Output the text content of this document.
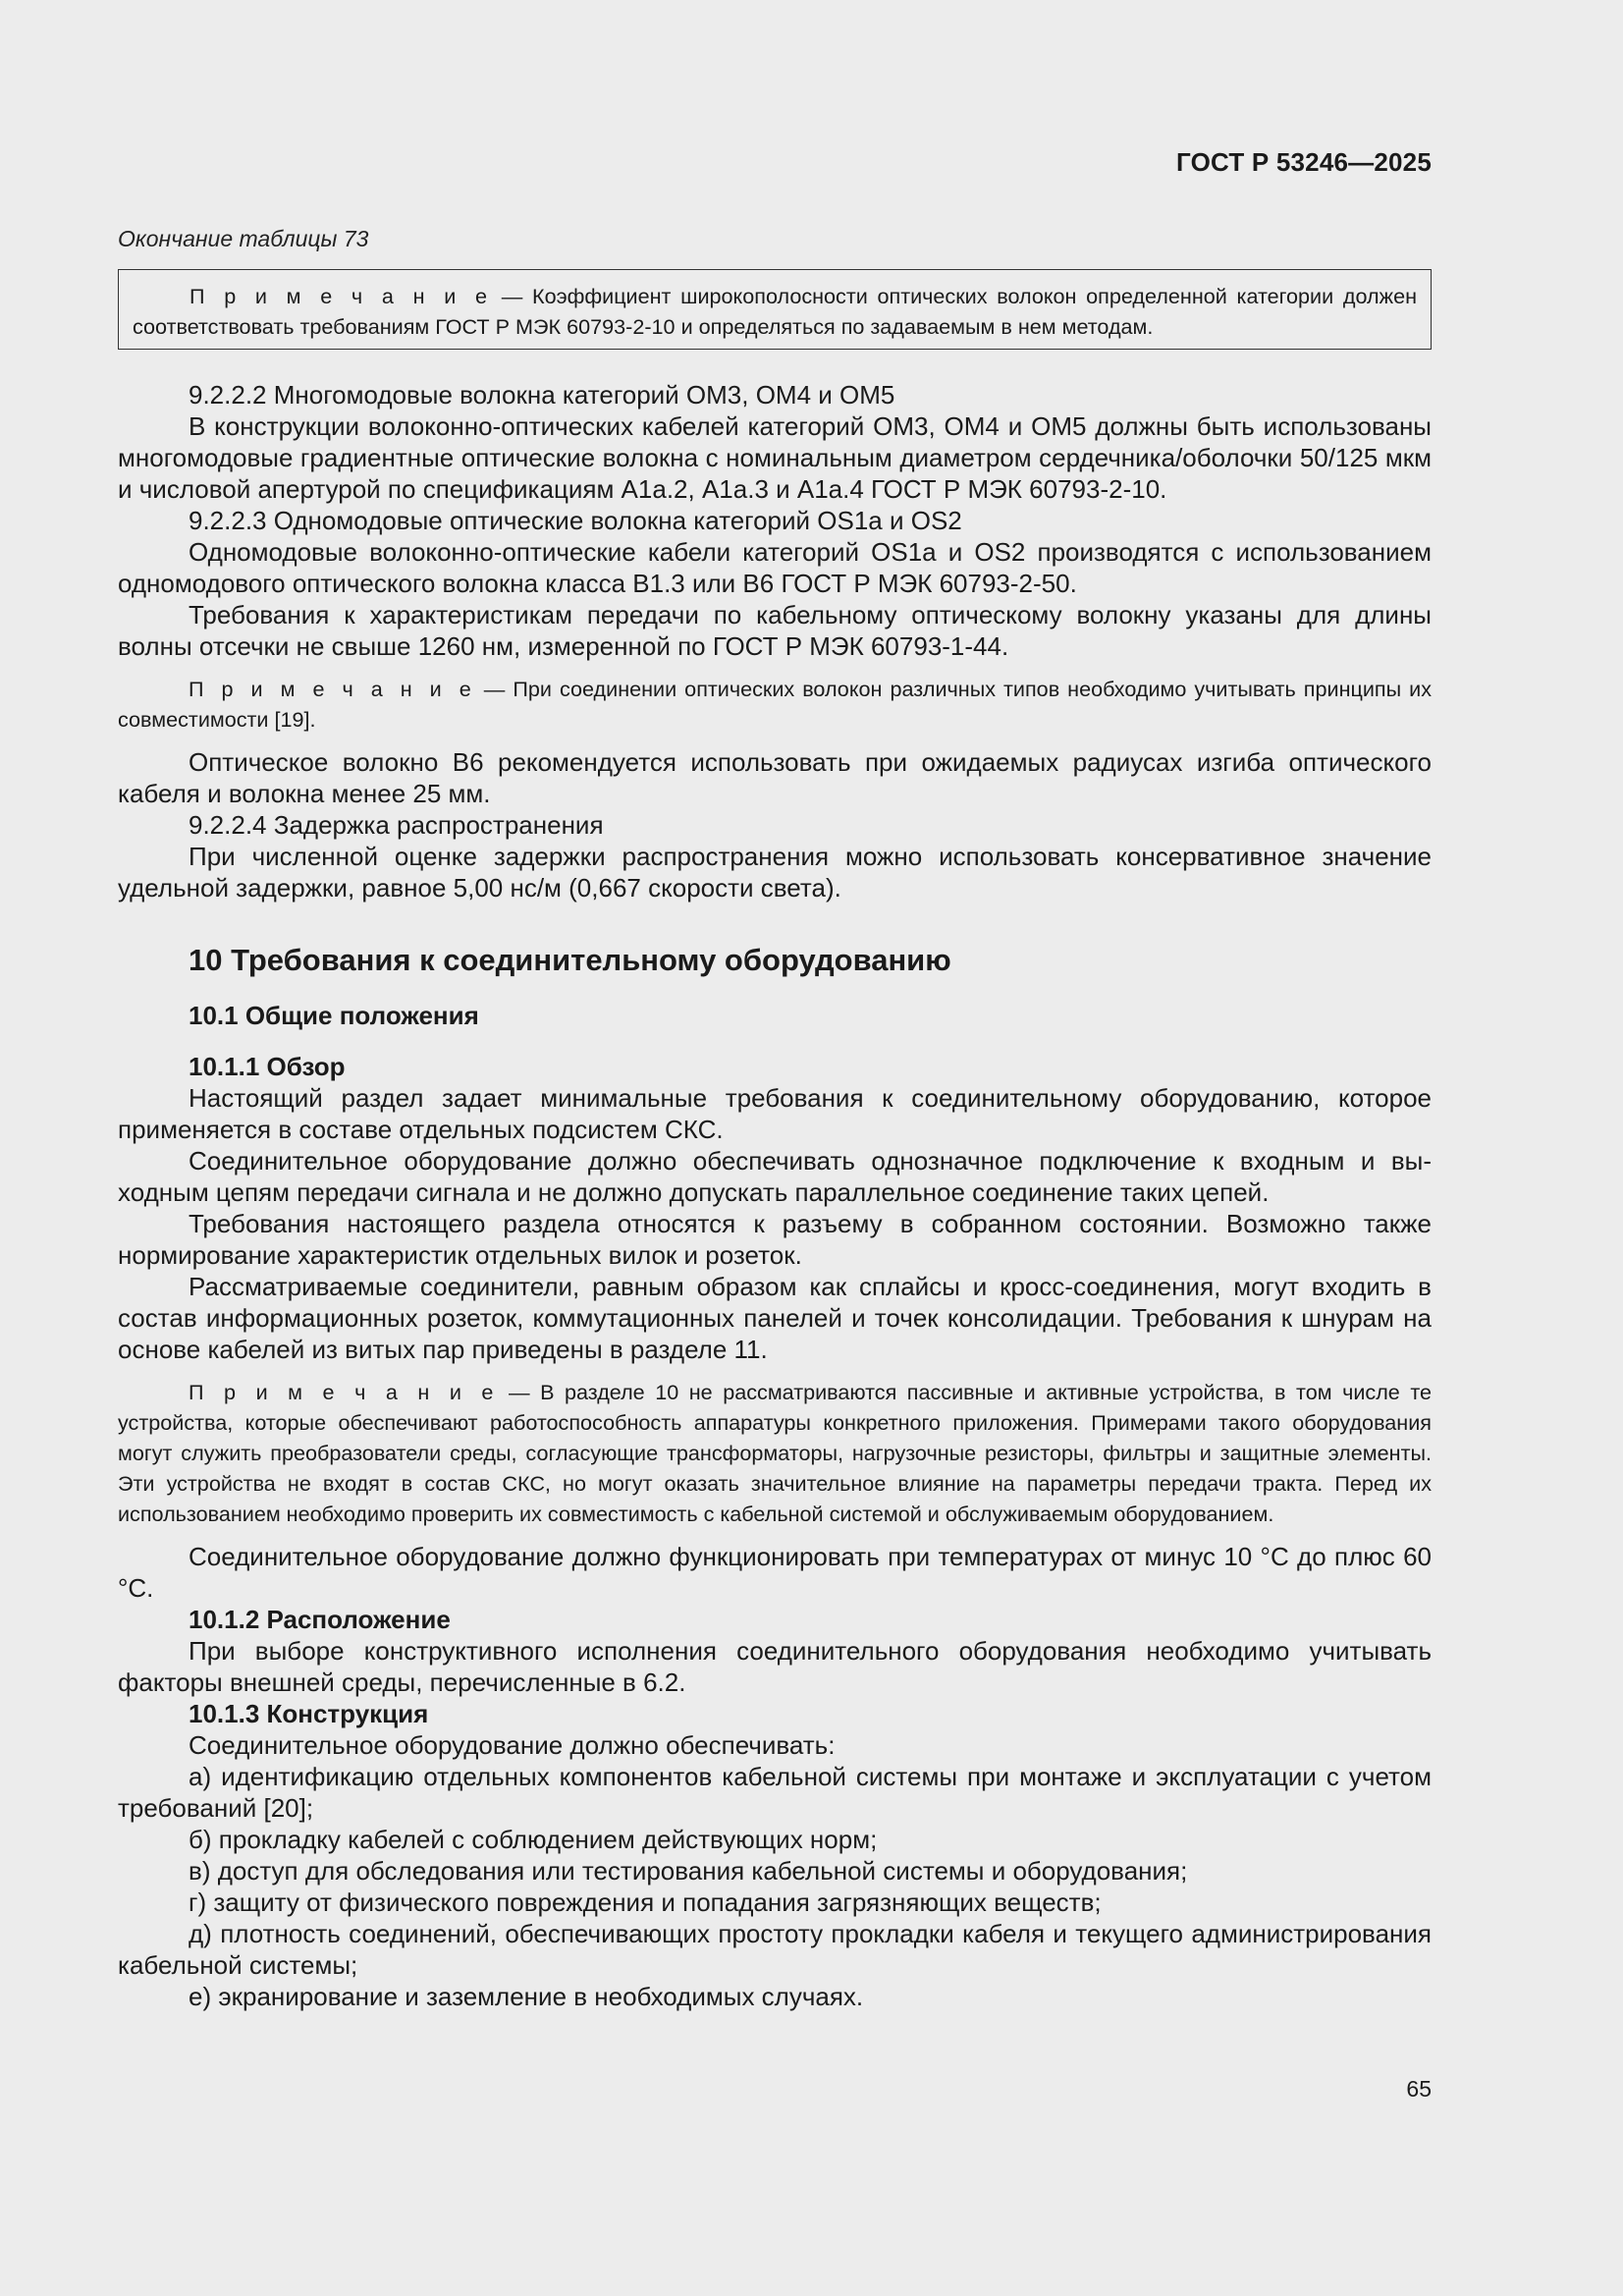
ГОСТ Р 53246—2025
Окончание таблицы 73
П р и м е ч а н и е — Коэффициент широкополосности оптических волокон определенной категории должен соответствовать требованиям ГОСТ Р МЭК 60793-2-10 и определяться по задаваемым в нем методам.

9.2.2.2 Многомодовые волокна категорий ОМ3, ОМ4 и ОМ5

В конструкции волоконно-оптических кабелей категорий ОМ3, ОМ4 и ОМ5 должны быть использованы многомодовые градиентные оптические волокна с номинальным диаметром сердечника/оболочки 50/125 мкм и числовой апертурой по спецификациям А1а.2, А1а.3 и А1а.4 ГОСТ Р МЭК 60793-2-10.

9.2.2.3 Одномодовые оптические волокна категорий OS1a и OS2

Одномодовые волоконно-оптические кабели категорий OS1a и OS2 производятся с использованием одномодового оптического волокна класса В1.3 или В6 ГОСТ Р МЭК 60793-2-50.

Требования к характеристикам передачи по кабельному оптическому волокну указаны для длины волны отсечки не свыше 1260 нм, измеренной по ГОСТ Р МЭК 60793-1-44.

П р и м е ч а н и е — При соединении оптических волокон различных типов необходимо учитывать принципы их совместимости [19].

Оптическое волокно В6 рекомендуется использовать при ожидаемых радиусах изгиба оптического кабеля и волокна менее 25 мм.

9.2.2.4 Задержка распространения

При численной оценке задержки распространения можно использовать консервативное значение удельной задержки, равное 5,00 нс/м (0,667 скорости света).

10 Требования к соединительному оборудованию
10.1 Общие положения

10.1.1 Обзор

Настоящий раздел задает минимальные требования к соединительному оборудованию, которое применяется в составе отдельных подсистем СКС.

Соединительное оборудование должно обеспечивать однозначное подключение к входным и выходным цепям передачи сигнала и не должно допускать параллельное соединение таких цепей.

Требования настоящего раздела относятся к разъему в собранном состоянии. Возможно также нормирование характеристик отдельных вилок и розеток.

Рассматриваемые соединители, равным образом как сплайсы и кросс-соединения, могут входить в состав информационных розеток, коммутационных панелей и точек консолидации. Требования к шнурам на основе кабелей из витых пар приведены в разделе 11.

П р и м е ч а н и е — В разделе 10 не рассматриваются пассивные и активные устройства, в том числе те устройства, которые обеспечивают работоспособность аппаратуры конкретного приложения. Примерами такого оборудования могут служить преобразователи среды, согласующие трансформаторы, нагрузочные резисторы, фильтры и защитные элементы. Эти устройства не входят в состав СКС, но могут оказать значительное влияние на параметры передачи тракта. Перед их использованием необходимо проверить их совместимость с кабельной системой и обслуживаемым оборудованием.

Соединительное оборудование должно функционировать при температурах от минус 10 °С до плюс 60 °С.

10.1.2 Расположение

При выборе конструктивного исполнения соединительного оборудования необходимо учитывать факторы внешней среды, перечисленные в 6.2.

10.1.3 Конструкция

Соединительное оборудование должно обеспечивать:

а) идентификацию отдельных компонентов кабельной системы при монтаже и эксплуатации с учетом требований [20];

б) прокладку кабелей с соблюдением действующих норм;

в) доступ для обследования или тестирования кабельной системы и оборудования;

г) защиту от физического повреждения и попадания загрязняющих веществ;

д) плотность соединений, обеспечивающих простоту прокладки кабеля и текущего администрирования кабельной системы;

е) экранирование и заземление в необходимых случаях.

65
